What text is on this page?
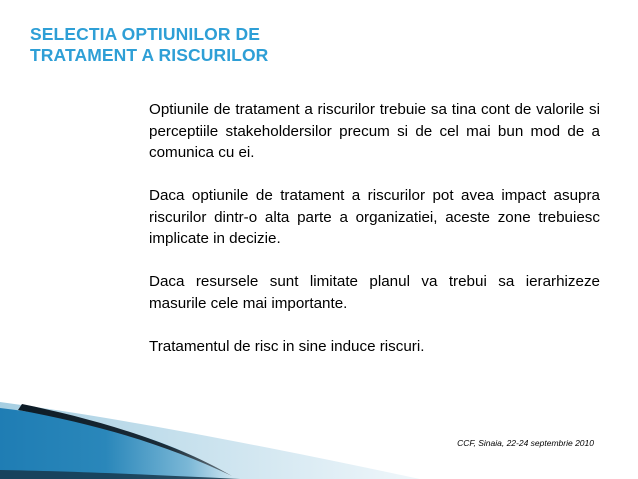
SELECTIA OPTIUNILOR DE
TRATAMENT A RISCURILOR

Optiunile de tratament a riscurilor trebuie sa tina cont de valorile si perceptiile stakeholdersilor precum si de cel mai bun mod de a comunica cu ei.

Daca optiunile de tratament a riscurilor pot avea impact asupra riscurilor dintr-o alta parte a organizatiei, aceste zone trebuiesc implicate in decizie.

Daca resursele sunt limitate planul va trebui sa ierarhizeze masurile cele mai importante.

Tratamentul de risc in sine induce riscuri.

CCF, Sinaia, 22-24 septembrie 2010
